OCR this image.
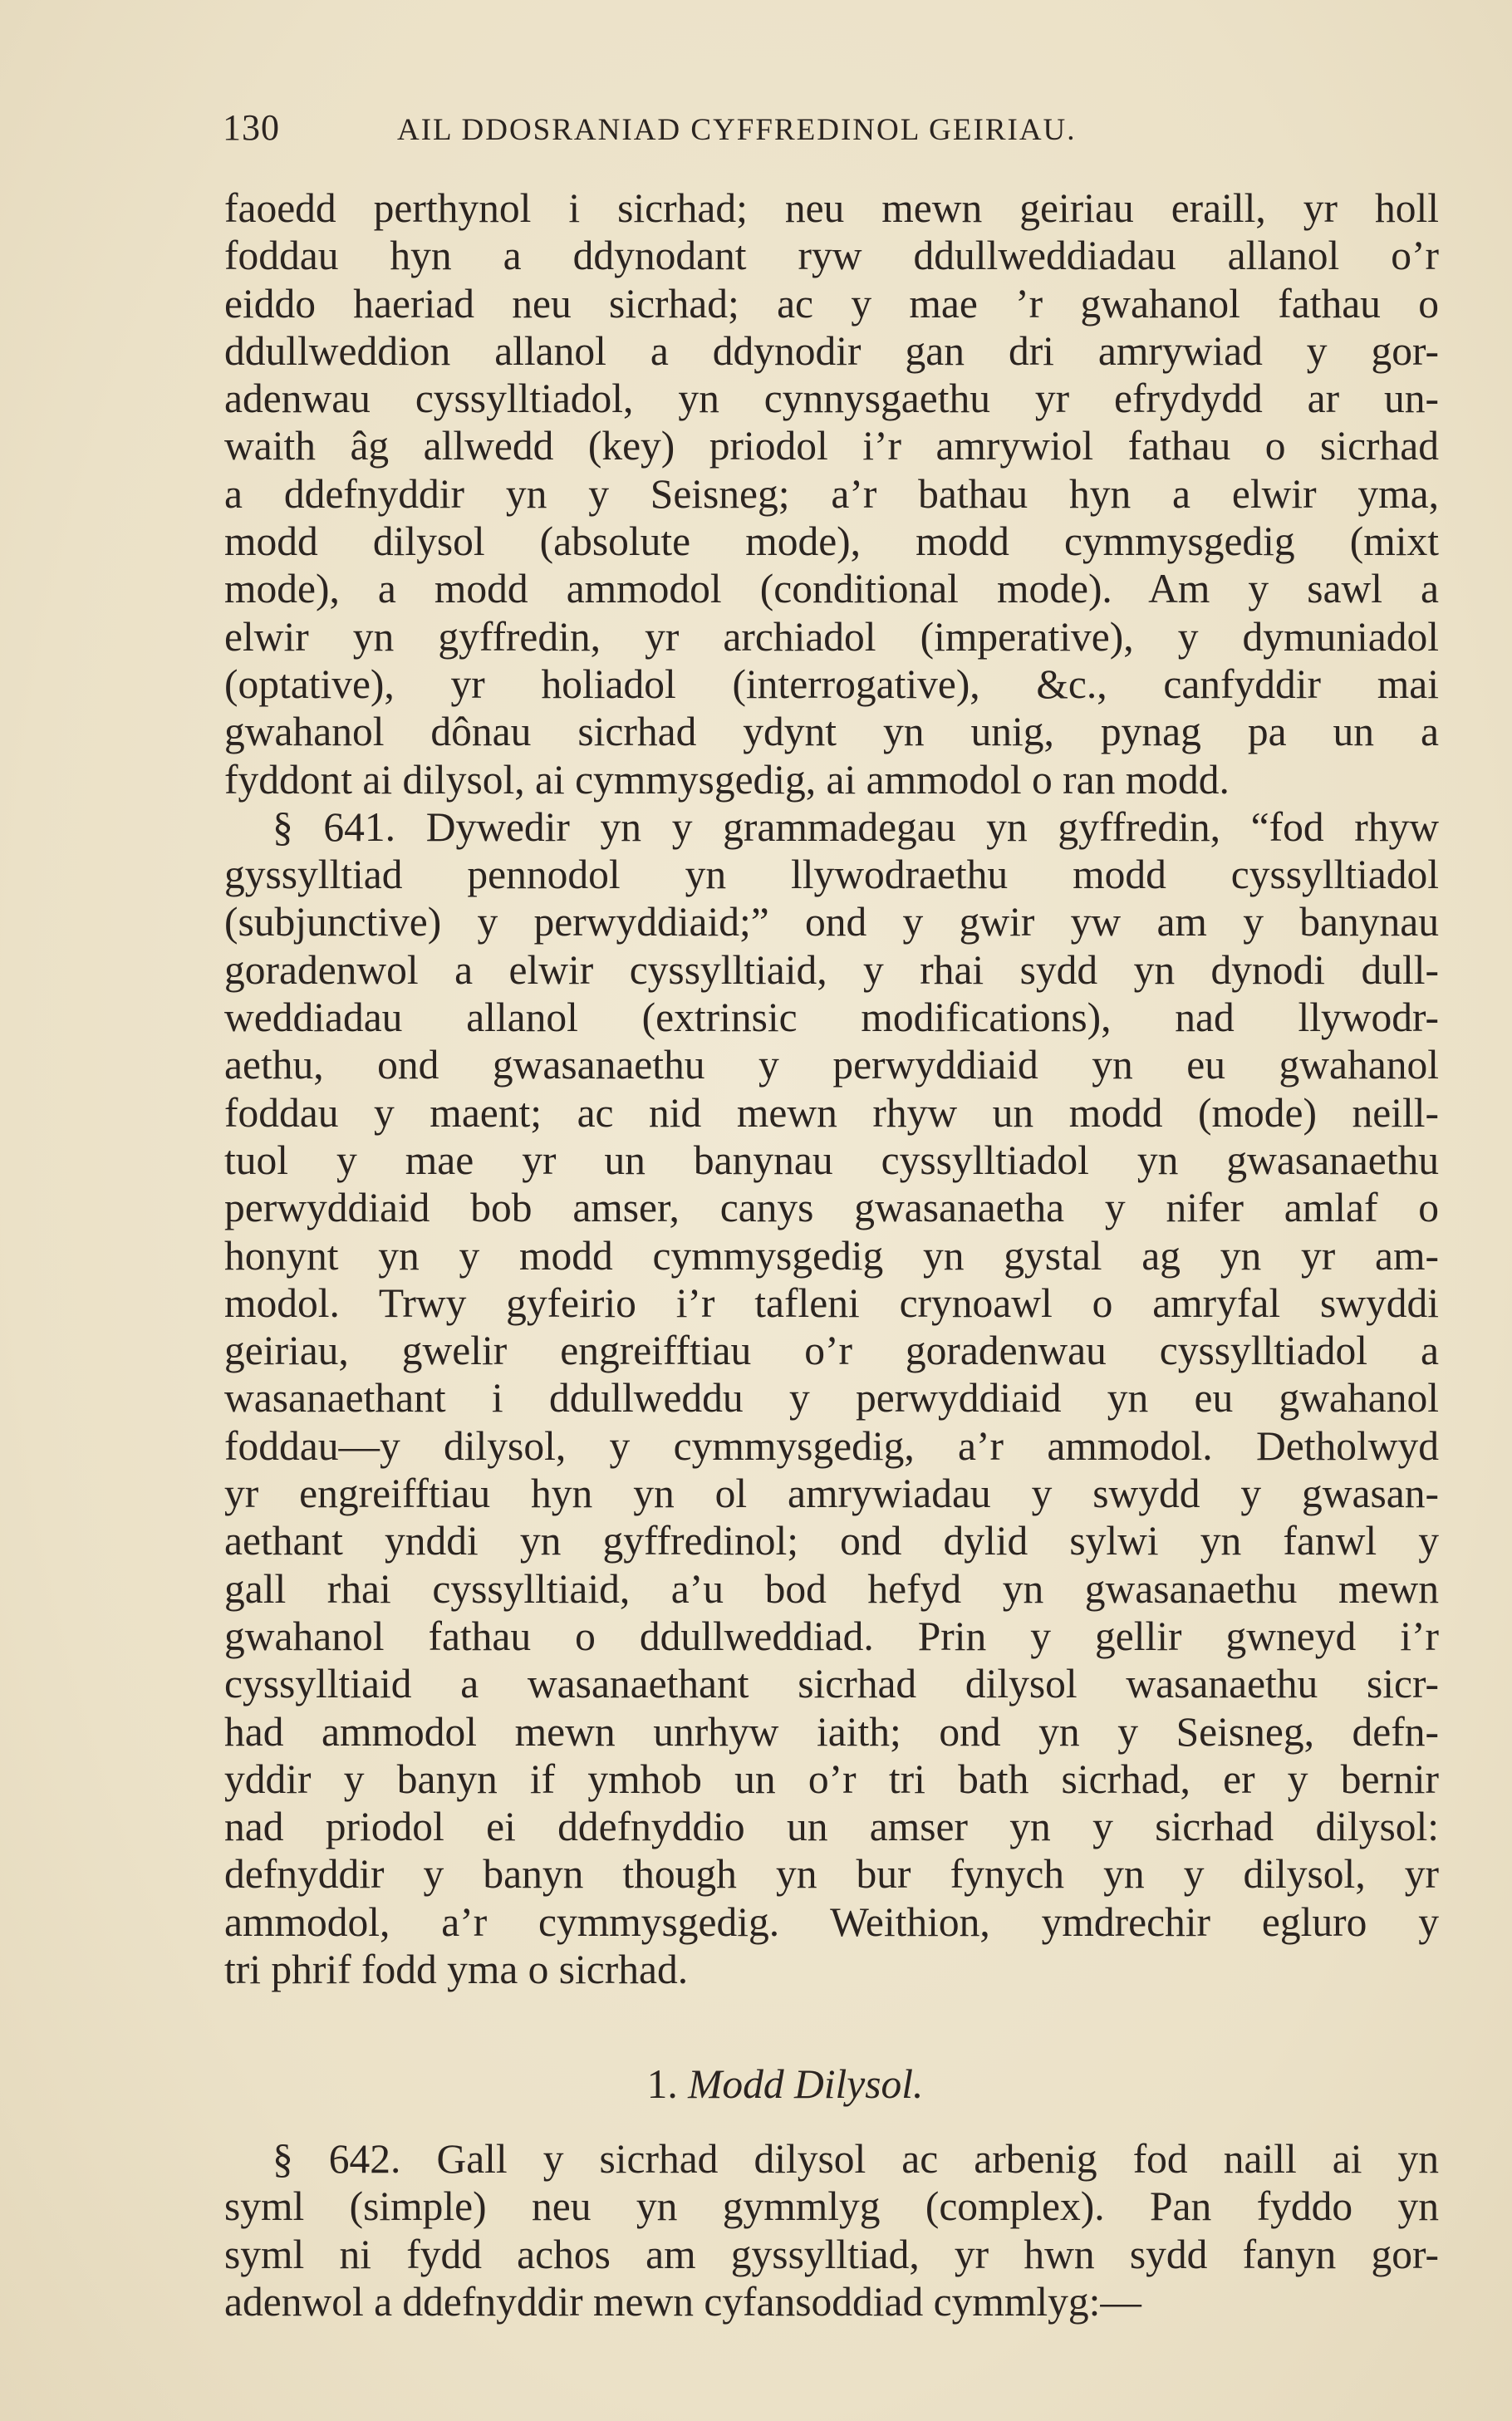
130	AIL DDOSRANIAD CYFFREDINOL GEIRIAU.
faoedd perthynol i sicrhad; neu mewn geiriau eraill, yr holl
foddau hyn a ddynodant ryw ddullweddiadau allanol o’r
eiddo haeriad neu sicrhad; ac y mae ’r gwahanol fathau o
ddullweddion allanol a ddynodir gan dri amrywiad y gor-
adenwau cyssylltiadol, yn cynnysgaethu yr efrydydd ar un-
waith âg allwedd (key) priodol i’r amrywiol fathau o sicrhad
a ddefnyddir yn y Seisneg; a’r bathau hyn a elwir yma,
modd dilysol (absolute mode), modd cymmysgedig (mixt
mode), a modd ammodol (conditional mode). Am y sawl a
elwir yn gyffredin, yr archiadol (imperative), y dymuniadol
(optative), yr holiadol (interrogative), &c., canfyddir mai
gwahanol dônau sicrhad ydynt yn unig, pynag pa un a
fyddont ai dilysol, ai cymmysgedig, ai ammodol o ran modd.
§ 641. Dywedir yn y grammadegau yn gyffredin, “fod rhyw
gyssylltiad pennodol yn llywodraethu modd cyssylltiadol
(subjunctive) y perwyddiaid;” ond y gwir yw am y banynau
goradenwol a elwir cyssylltiaid, y rhai sydd yn dynodi dull-
weddiadau allanol (extrinsic modifications), nad llywodr-
aethu, ond gwasanaethu y perwyddiaid yn eu gwahanol
foddau y maent; ac nid mewn rhyw un modd (mode) neill-
tuol y mae yr un banynau cyssylltiadol yn gwasanaethu
perwyddiaid bob amser, canys gwasanaetha y nifer amlaf o
honynt yn y modd cymmysgedig yn gystal ag yn yr am-
modol. Trwy gyfeirio i’r tafleni crynoawl o amryfal swyddi
geiriau, gwelir engreifftiau o’r goradenwau cyssylltiadol a
wasanaethant i ddullweddu y perwyddiaid yn eu gwahanol
foddau—y dilysol, y cymmysgedig, a’r ammodol. Detholwyd
yr engreifftiau hyn yn ol amrywiadau y swydd y gwasan-
aethant ynddi yn gyffredinol; ond dylid sylwi yn fanwl y
gall rhai cyssylltiaid, a’u bod hefyd yn gwasanaethu mewn
gwahanol fathau o ddullweddiad. Prin y gellir gwneyd i’r
cyssylltiaid a wasanaethant sicrhad dilysol wasanaethu sicr-
had ammodol mewn unrhyw iaith; ond yn y Seisneg, defn-
yddir y banyn if ymhob un o’r tri bath sicrhad, er y bernir
nad priodol ei ddefnyddio un amser yn y sicrhad dilysol:
defnyddir y banyn though yn bur fynych yn y dilysol, yr
ammodol, a’r cymmysgedig. Weithion, ymdrechir egluro y
tri phrif fodd yma o sicrhad.
1. Modd Dilysol.
§ 642. Gall y sicrhad dilysol ac arbenig fod naill ai yn
syml (simple) neu yn gymmlyg (complex). Pan fyddo yn
syml ni fydd achos am gyssylltiad, yr hwn sydd fanyn gor-
adenwol a ddefnyddir mewn cyfansoddiad cymmlyg:—
